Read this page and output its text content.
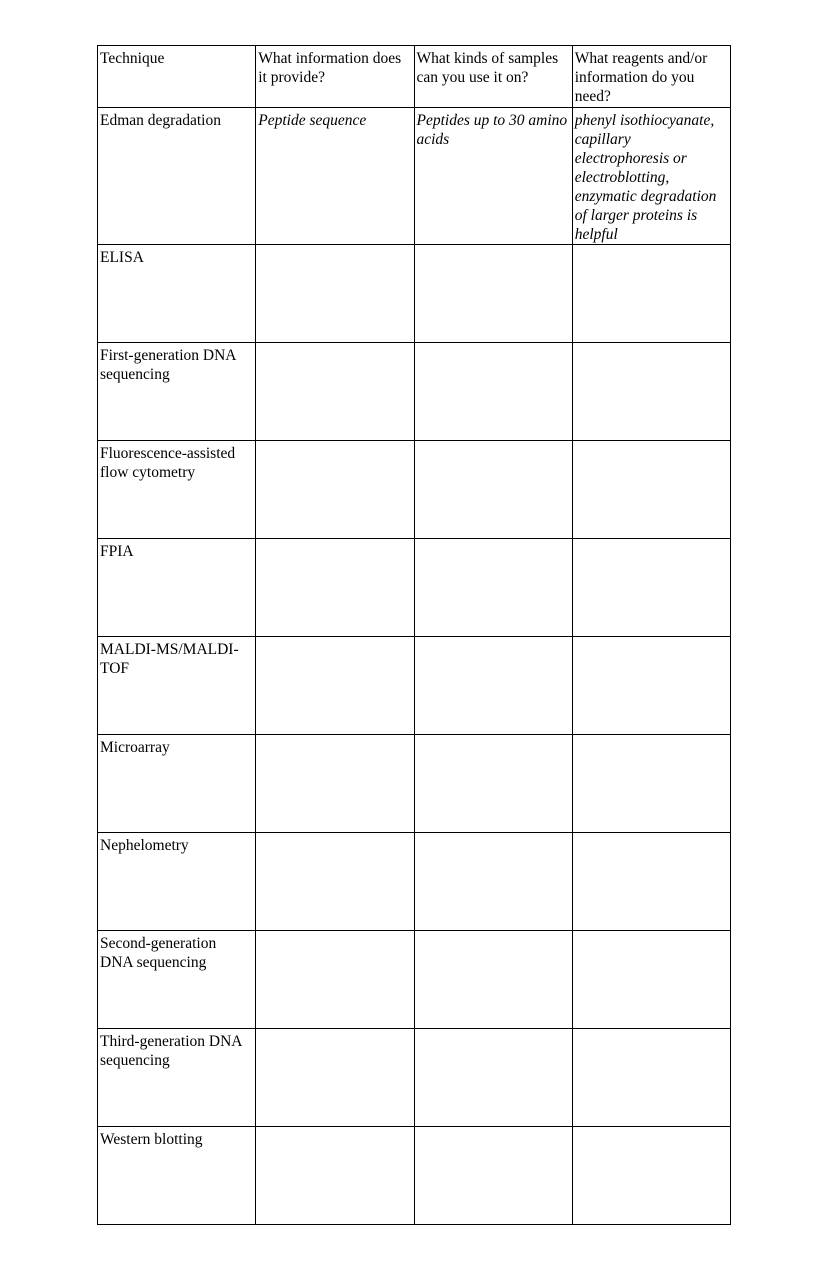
Technique	What information does it provide?	What kinds of samples can you use it on?	What reagents and/or information do you need?
Edman degradation	Peptide sequence	Peptides up to 30 amino acids	phenyl isothiocyanate, capillary electrophoresis or electroblotting, enzymatic degradation of larger proteins is helpful
ELISA			
First-generation DNA sequencing			
Fluorescence-assisted flow cytometry			
FPIA			
MALDI-MS/MALDI-TOF			
Microarray			
Nephelometry			
Second-generation DNA sequencing			
Third-generation DNA sequencing			
Western blotting			
